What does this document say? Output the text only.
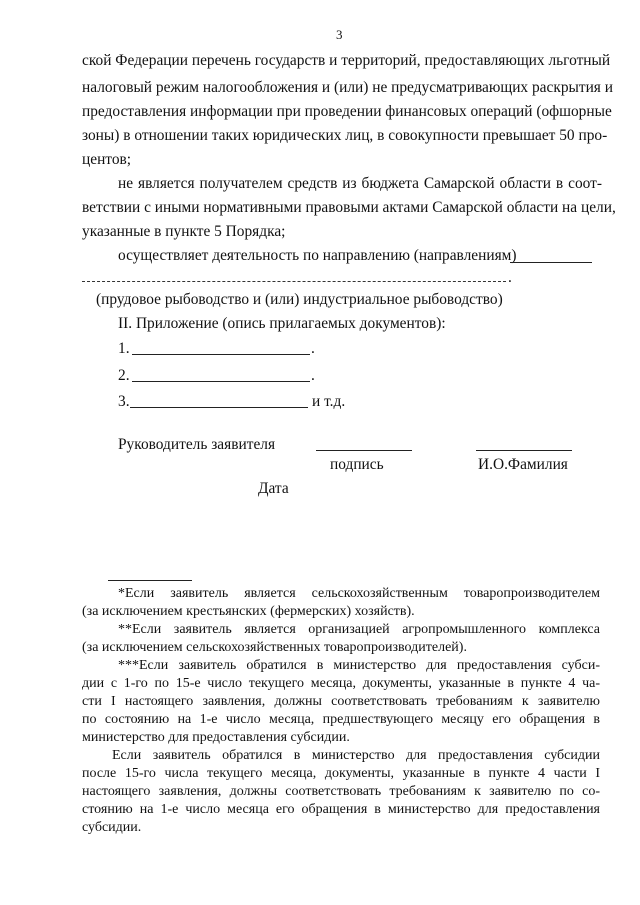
3
ской Федерации перечень государств и территорий, предоставляющих льготный
налоговый режим налогообложения и (или) не предусматривающих раскрытия и
предоставления информации при проведении финансовых операций (офшорные
зоны) в отношении таких юридических лиц, в совокупности превышает 50 про-
центов;
не является получателем средств из бюджета Самарской области в соот-
ветствии с иными нормативными правовыми актами Самарской области на цели,
указанные в пункте 5 Порядка;
осуществляет деятельность по направлению (направлениям)
.
(прудовое рыбоводство и (или) индустриальное рыбоводство)
II. Приложение (опись прилагаемых документов):
1.	.
2.	.
3.	и т.д.
Руководитель заявителя
подпись	И.О.Фамилия
Дата
*Если заявитель является сельскохозяйственным товаропроизводителем
(за исключением крестьянских (фермерских) хозяйств).
**Если заявитель является организацией агропромышленного комплекса
(за исключением сельскохозяйственных товаропроизводителей).
***Если заявитель обратился в министерство для предоставления субси-
дии с 1-го по 15-е число текущего месяца, документы, указанные в пункте 4 ча-
сти I настоящего заявления, должны соответствовать требованиям к заявителю
по состоянию на 1-е число месяца, предшествующего месяцу его обращения в
министерство для предоставления субсидии.
Если заявитель обратился в министерство для предоставления субсидии
после 15-го числа текущего месяца, документы, указанные в пункте 4 части I
настоящего заявления, должны соответствовать требованиям к заявителю по со-
стоянию на 1-е число месяца его обращения в министерство для предоставления
субсидии.
